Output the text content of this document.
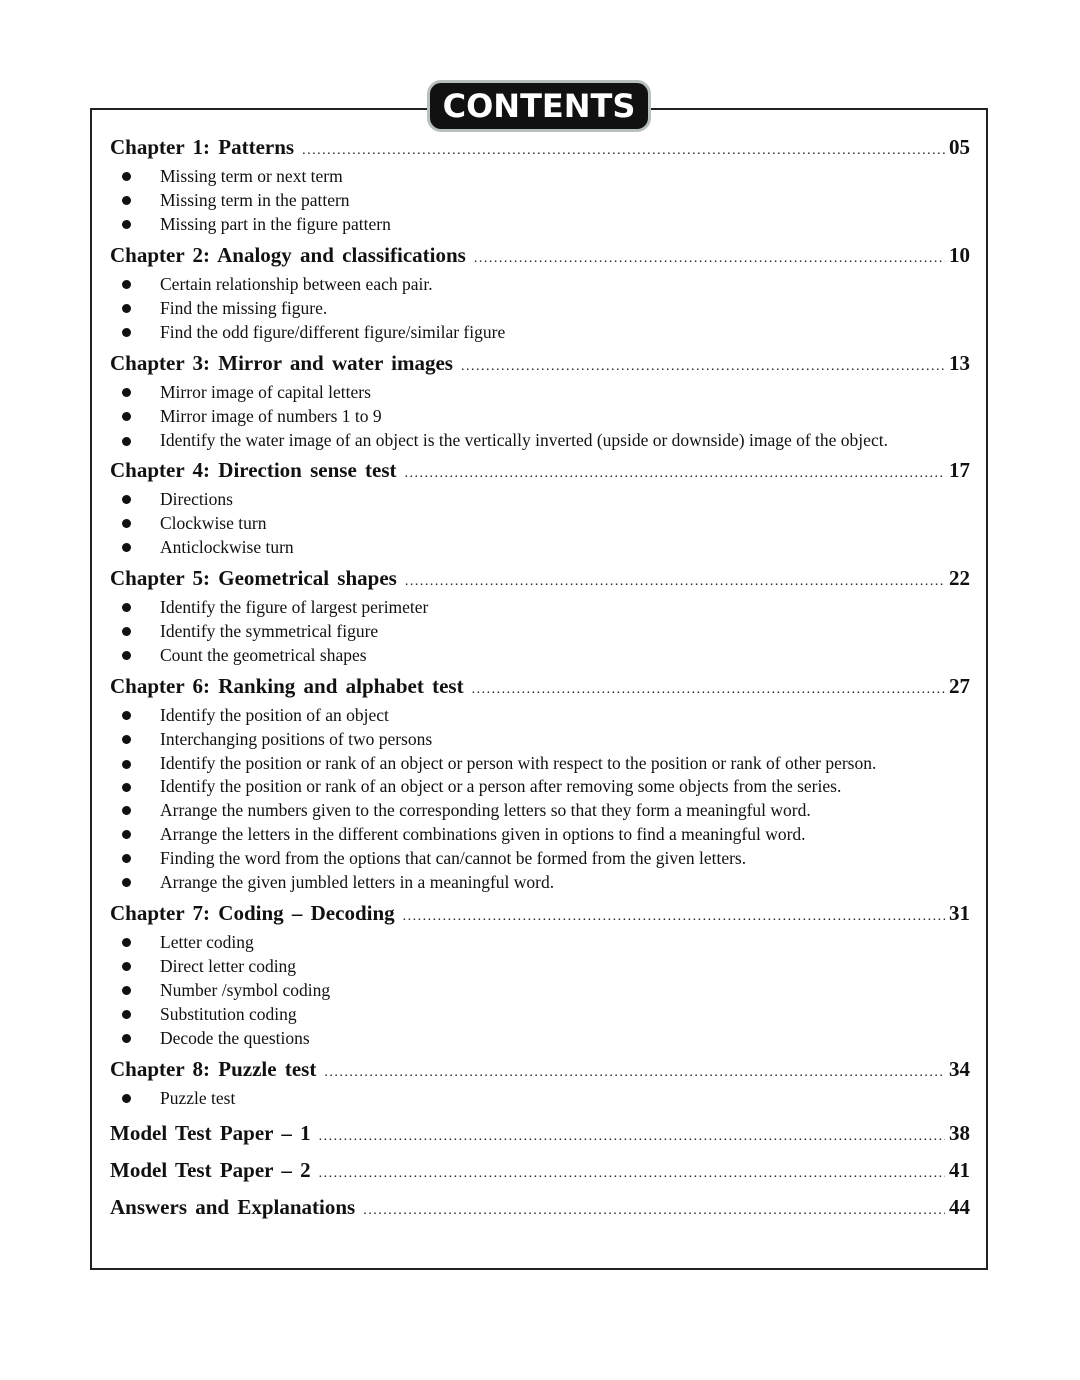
CONTENTS
Chapter 1: Patterns .....	05
Missing term or next term
Missing term in the pattern
Missing part in the figure pattern
Chapter 2: Analogy and classifications .....	10
Certain relationship between each pair.
Find the missing figure.
Find the odd figure/different figure/similar figure
Chapter 3: Mirror and water images .....	13
Mirror image of capital letters
Mirror image of numbers 1 to 9
Identify the water image of an object is the vertically inverted (upside or downside) image of the object.
Chapter 4: Direction sense test .....	17
Directions
Clockwise turn
Anticlockwise turn
Chapter 5: Geometrical shapes .....	22
Identify the figure of largest perimeter
Identify the symmetrical figure
Count the geometrical shapes
Chapter 6: Ranking and alphabet test .....	27
Identify the position of an object
Interchanging positions of two persons
Identify the position or rank of an object or person with respect to the position or rank of other person.
Identify the position or rank of an object or a person after removing some objects from the series.
Arrange the numbers given to the corresponding letters so that they form a meaningful word.
Arrange the letters in the different combinations given in options to find a meaningful word.
Finding the word from the options that can/cannot be formed from the given letters.
Arrange the given jumbled letters in a meaningful word.
Chapter 7: Coding – Decoding .....	31
Letter coding
Direct letter coding
Number /symbol coding
Substitution coding
Decode the questions
Chapter 8: Puzzle test .....	34
Puzzle test
Model Test Paper – 1 .....	38
Model Test Paper – 2 .....	41
Answers and Explanations .....	44
